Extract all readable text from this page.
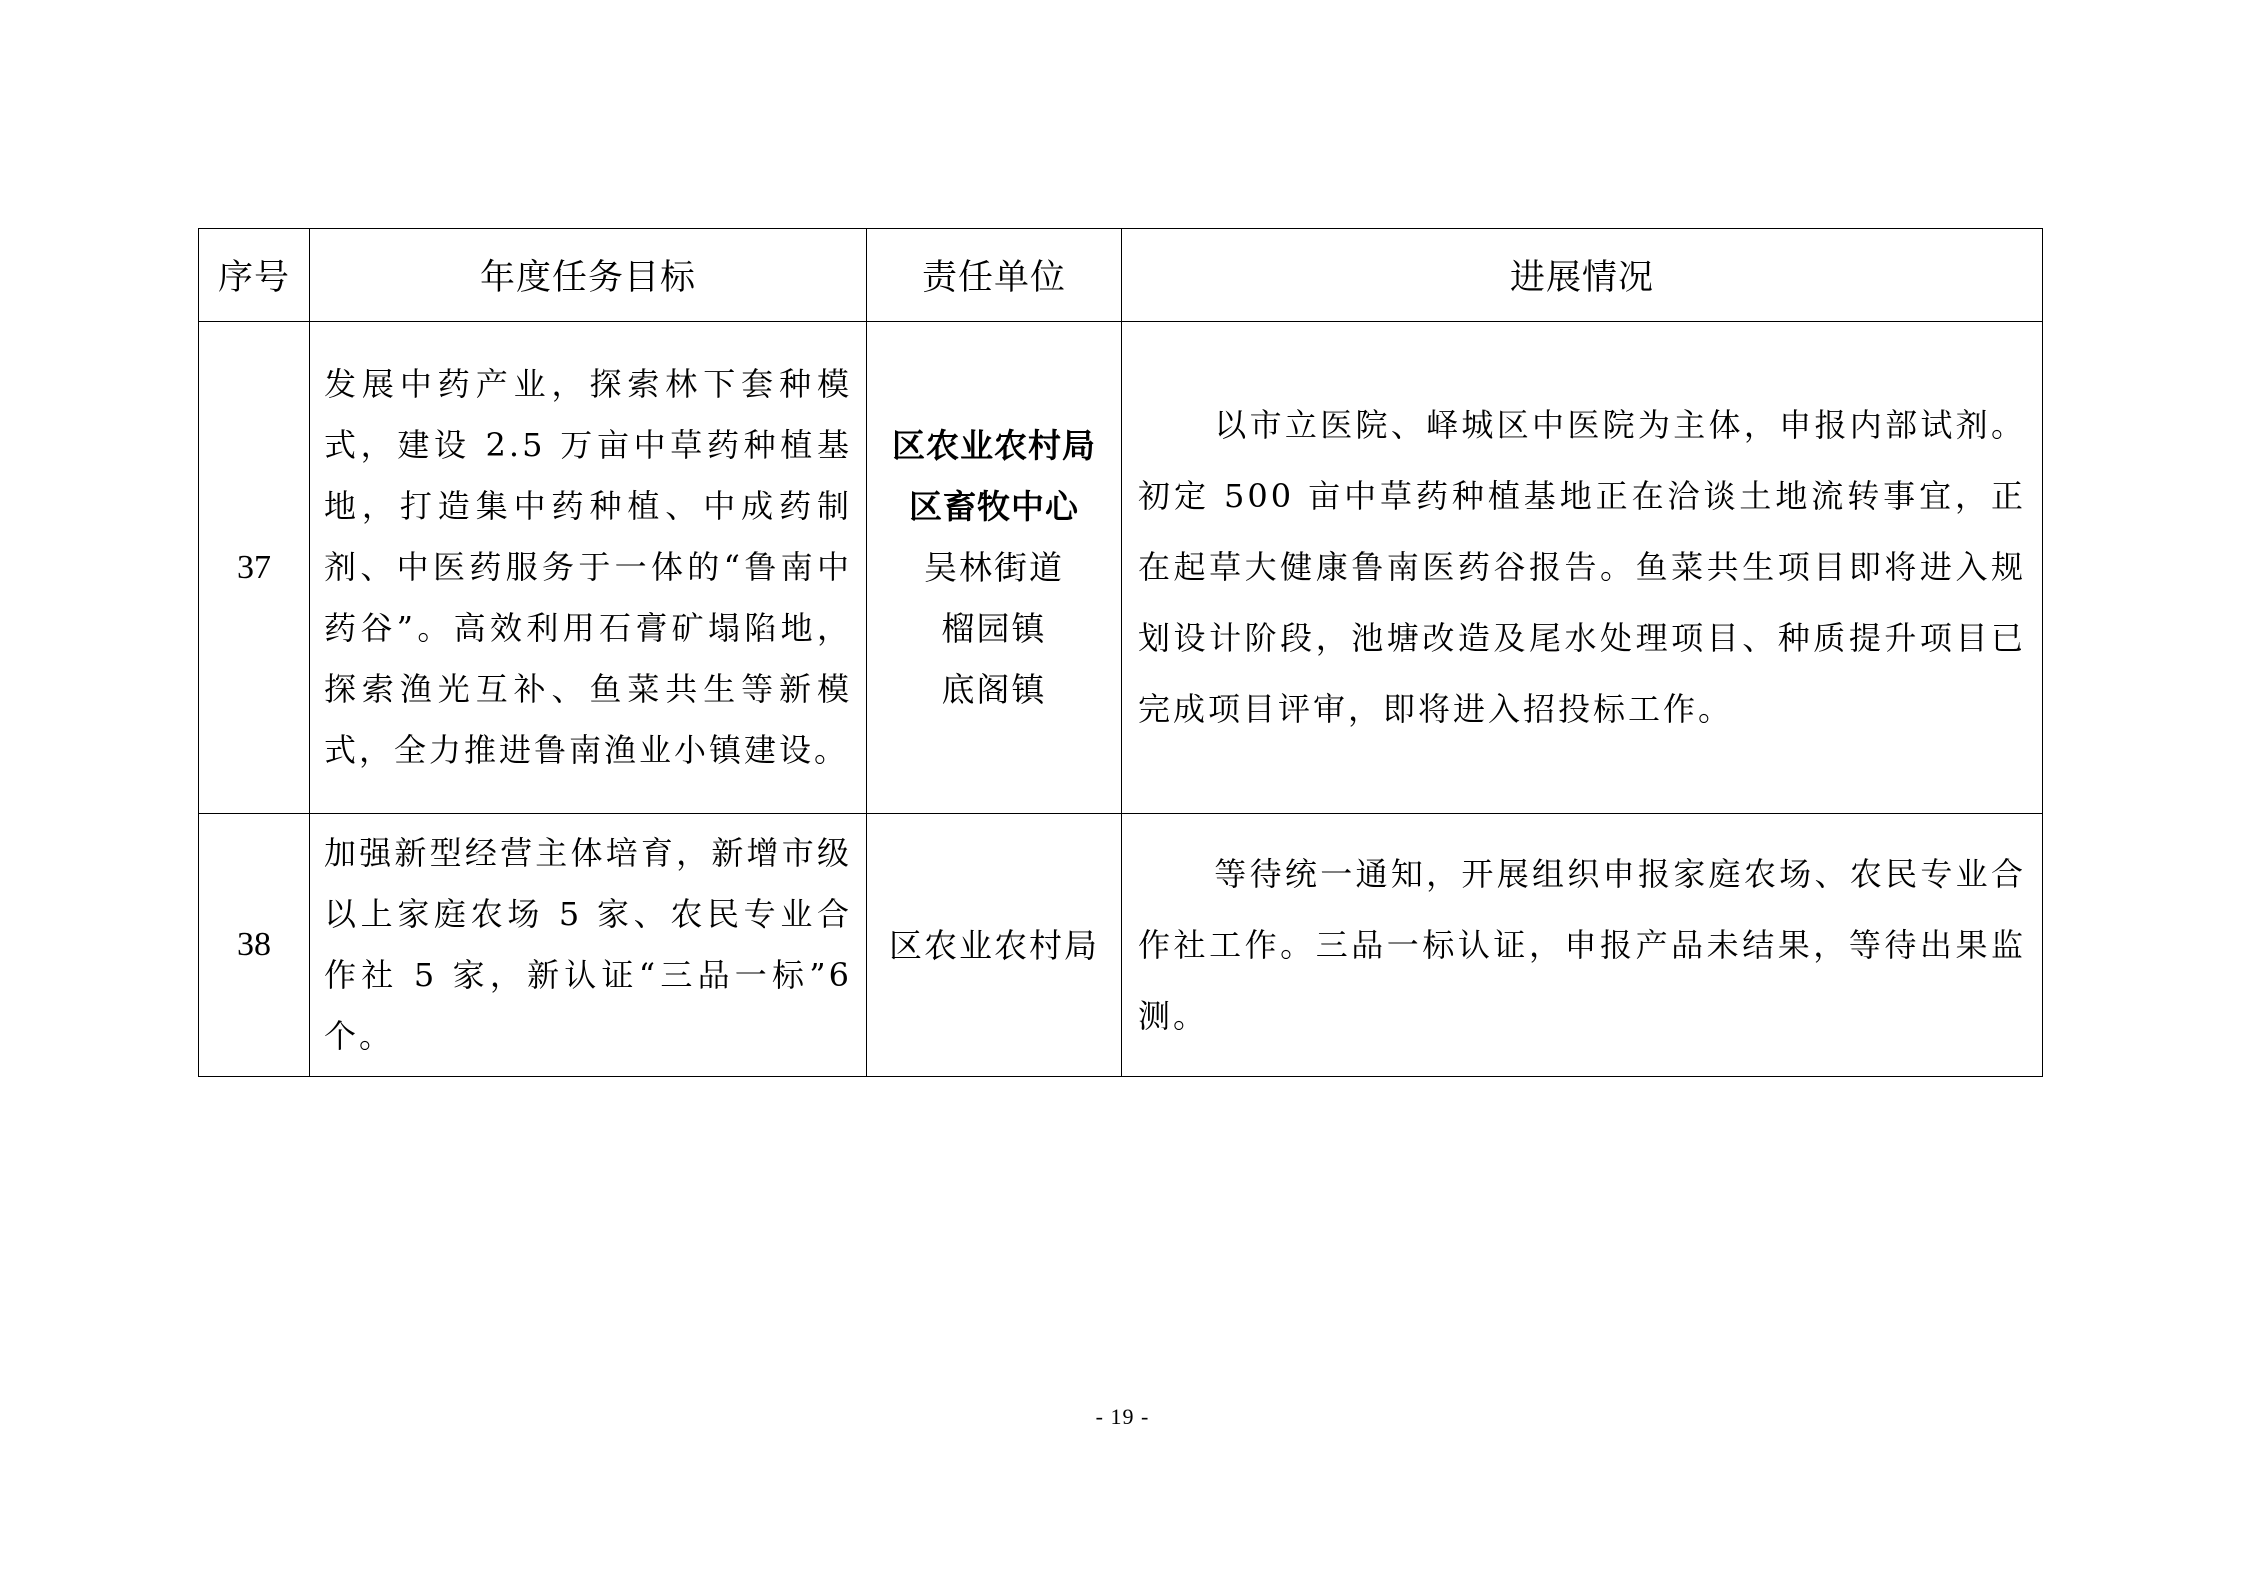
序号	年度任务目标	责任单位	进展情况
37	发展中药产业，探索林下套种模式，建设 2.5 万亩中草药种植基地，打造集中药种植、中成药制剂、中医药服务于一体的“鲁南中药谷”。高效利用石膏矿塌陷地，探索渔光互补、鱼菜共生等新模式，全力推进鲁南渔业小镇建设。	区农业农村局
区畜牧中心
吴林街道
榴园镇
底阁镇	以市立医院、峄城区中医院为主体，申报内部试剂。初定 500 亩中草药种植基地正在洽谈土地流转事宜，正在起草大健康鲁南医药谷报告。鱼菜共生项目即将进入规划设计阶段，池塘改造及尾水处理项目、种质提升项目已完成项目评审，即将进入招投标工作。
38	加强新型经营主体培育，新增市级以上家庭农场 5 家、农民专业合作社 5 家，新认证“三品一标”6 个。	区农业农村局	等待统一通知，开展组织申报家庭农场、农民专业合作社工作。三品一标认证，申报产品未结果，等待出果监测。
- 19 -
